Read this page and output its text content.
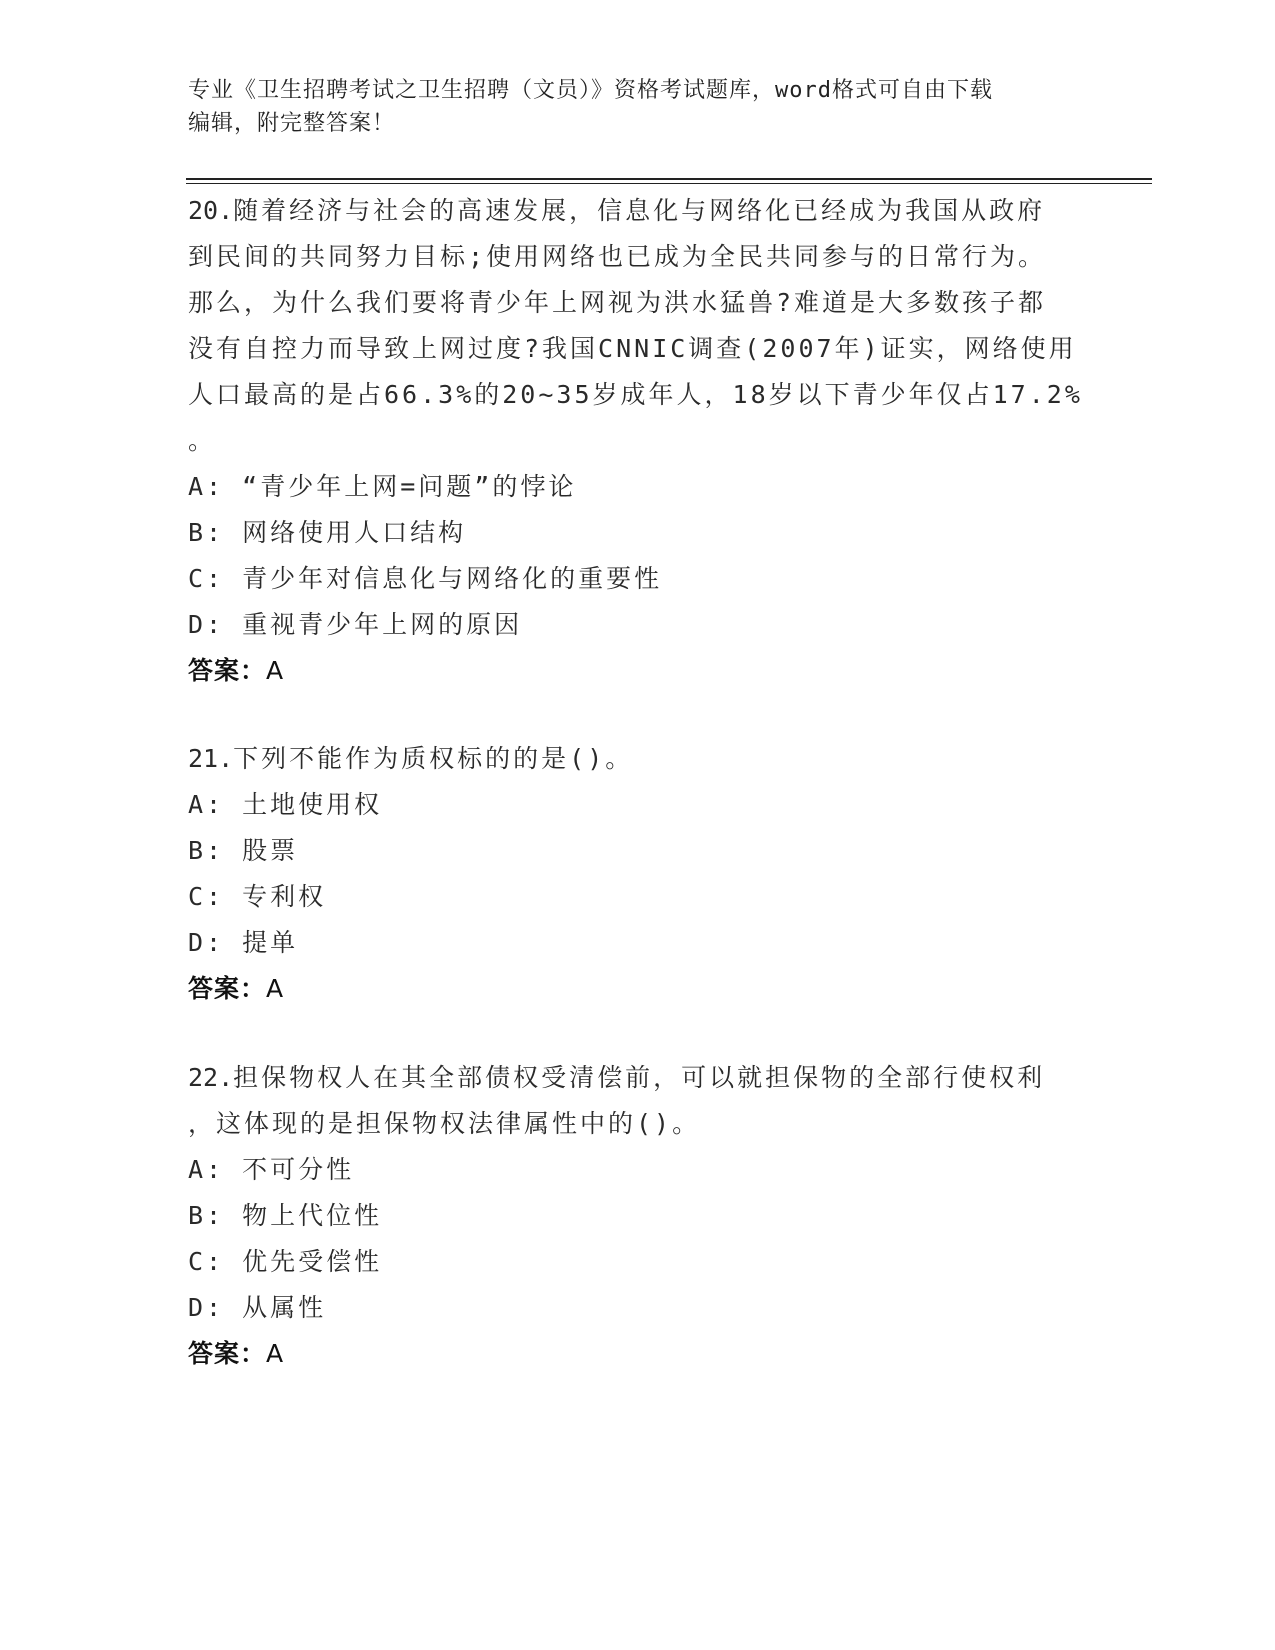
专业《卫生招聘考试之卫生招聘（文员）》资格考试题库，word格式可自由下载
编辑，附完整答案！
20.随着经济与社会的高速发展，信息化与网络化已经成为我国从政府
到民间的共同努力目标;使用网络也已成为全民共同参与的日常行为。
那么，为什么我们要将青少年上网视为洪水猛兽?难道是大多数孩子都
没有自控力而导致上网过度?我国CNNIC调查(2007年)证实，网络使用
人口最高的是占66.3%的20~35岁成年人，18岁以下青少年仅占17.2%
。
A: “青少年上网=问题”的悖论
B: 网络使用人口结构
C: 青少年对信息化与网络化的重要性
D: 重视青少年上网的原因
答案：A
21.下列不能作为质权标的的是()。
A: 土地使用权
B: 股票
C: 专利权
D: 提单
答案：A
22.担保物权人在其全部债权受清偿前，可以就担保物的全部行使权利
，这体现的是担保物权法律属性中的()。
A: 不可分性
B: 物上代位性
C: 优先受偿性
D: 从属性
答案：A
